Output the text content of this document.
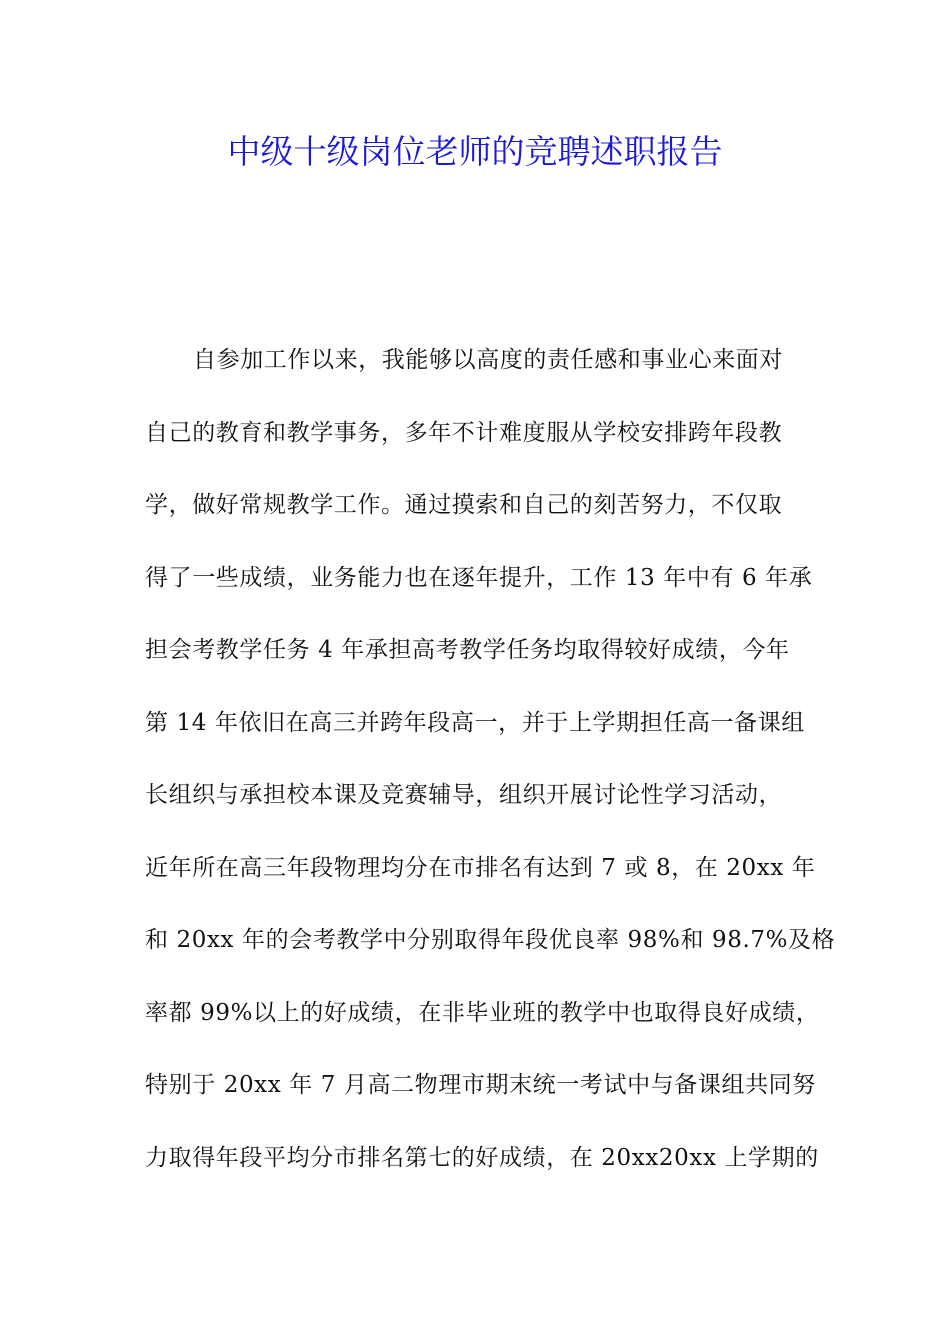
中级十级岗位老师的竞聘述职报告
自参加工作以来，我能够以高度的责任感和事业心来面对
自己的教育和教学事务，多年不计难度服从学校安排跨年段教
学，做好常规教学工作。通过摸索和自己的刻苦努力，不仅取
得了一些成绩，业务能力也在逐年提升，工作 13 年中有 6 年承
担会考教学任务 4 年承担高考教学任务均取得较好成绩，今年
第 14 年依旧在高三并跨年段高一，并于上学期担任高一备课组
长组织与承担校本课及竞赛辅导，组织开展讨论性学习活动，
近年所在高三年段物理均分在市排名有达到 7 或 8，在 20xx 年
和 20xx 年的会考教学中分别取得年段优良率 98%和 98.7%及格
率都 99%以上的好成绩，在非毕业班的教学中也取得良好成绩，
特别于 20xx 年 7 月高二物理市期末统一考试中与备课组共同努
力取得年段平均分市排名第七的好成绩，在 20xx20xx 上学期的
